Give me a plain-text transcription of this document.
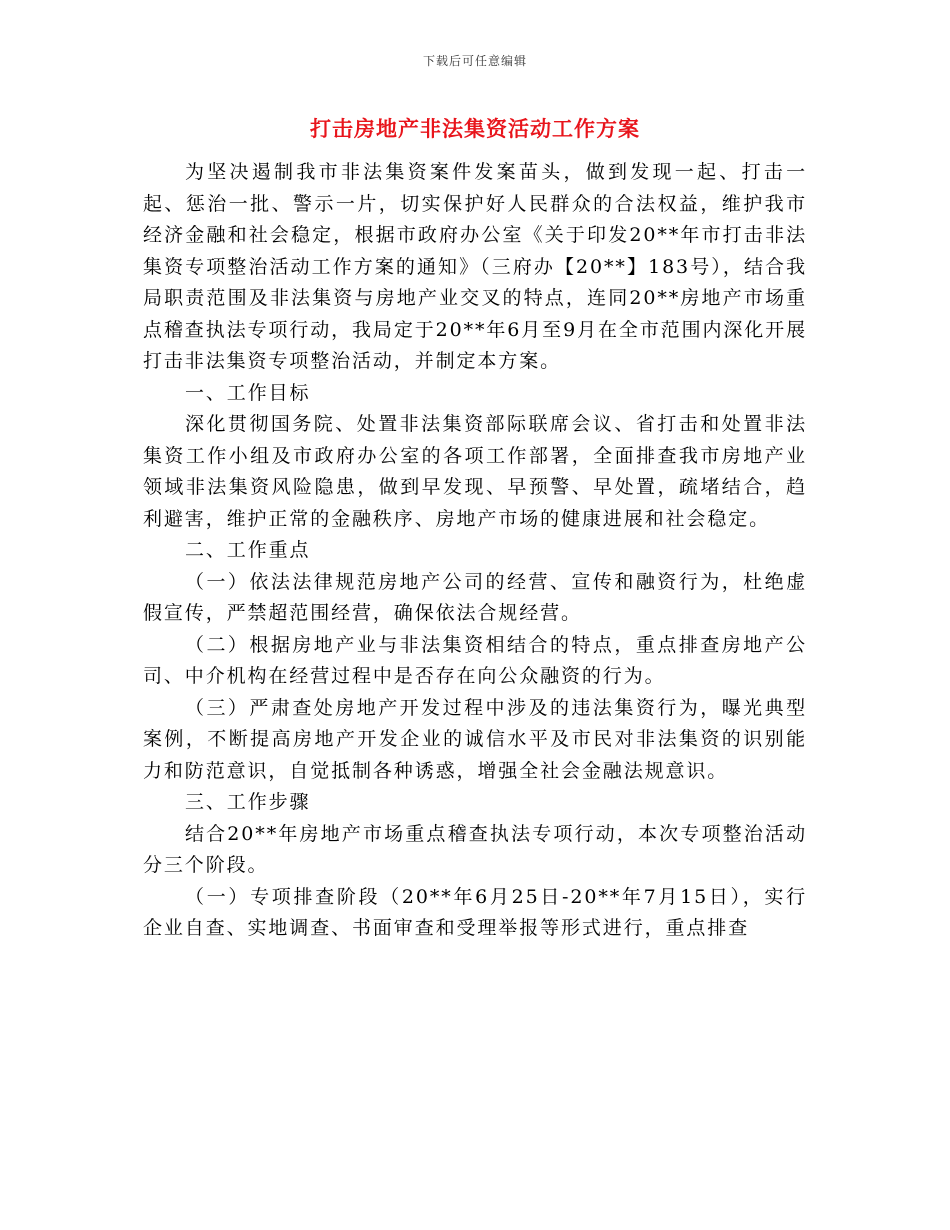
下载后可任意编辑
打击房地产非法集资活动工作方案

为坚决遏制我市非法集资案件发案苗头，做到发现一起、打击一起、惩治一批、警示一片，切实保护好人民群众的合法权益，维护我市经济金融和社会稳定，根据市政府办公室《关于印发20**年市打击非法集资专项整治活动工作方案的通知》（三府办【20**】183号），结合我局职责范围及非法集资与房地产业交叉的特点，连同20**房地产市场重点稽查执法专项行动，我局定于20**年6月至9月在全市范围内深化开展打击非法集资专项整治活动，并制定本方案。

一、工作目标

深化贯彻国务院、处置非法集资部际联席会议、省打击和处置非法集资工作小组及市政府办公室的各项工作部署，全面排查我市房地产业领域非法集资风险隐患，做到早发现、早预警、早处置，疏堵结合，趋利避害，维护正常的金融秩序、房地产市场的健康进展和社会稳定。

二、工作重点

（一）依法法律规范房地产公司的经营、宣传和融资行为，杜绝虚假宣传，严禁超范围经营，确保依法合规经营。

（二）根据房地产业与非法集资相结合的特点，重点排查房地产公司、中介机构在经营过程中是否存在向公众融资的行为。

（三）严肃查处房地产开发过程中涉及的违法集资行为，曝光典型案例，不断提高房地产开发企业的诚信水平及市民对非法集资的识别能力和防范意识，自觉抵制各种诱惑，增强全社会金融法规意识。

三、工作步骤

结合20**年房地产市场重点稽查执法专项行动，本次专项整治活动分三个阶段。

（一）专项排查阶段（20**年6月25日-20**年7月15日），实行企业自查、实地调查、书面审查和受理举报等形式进行，重点排查
